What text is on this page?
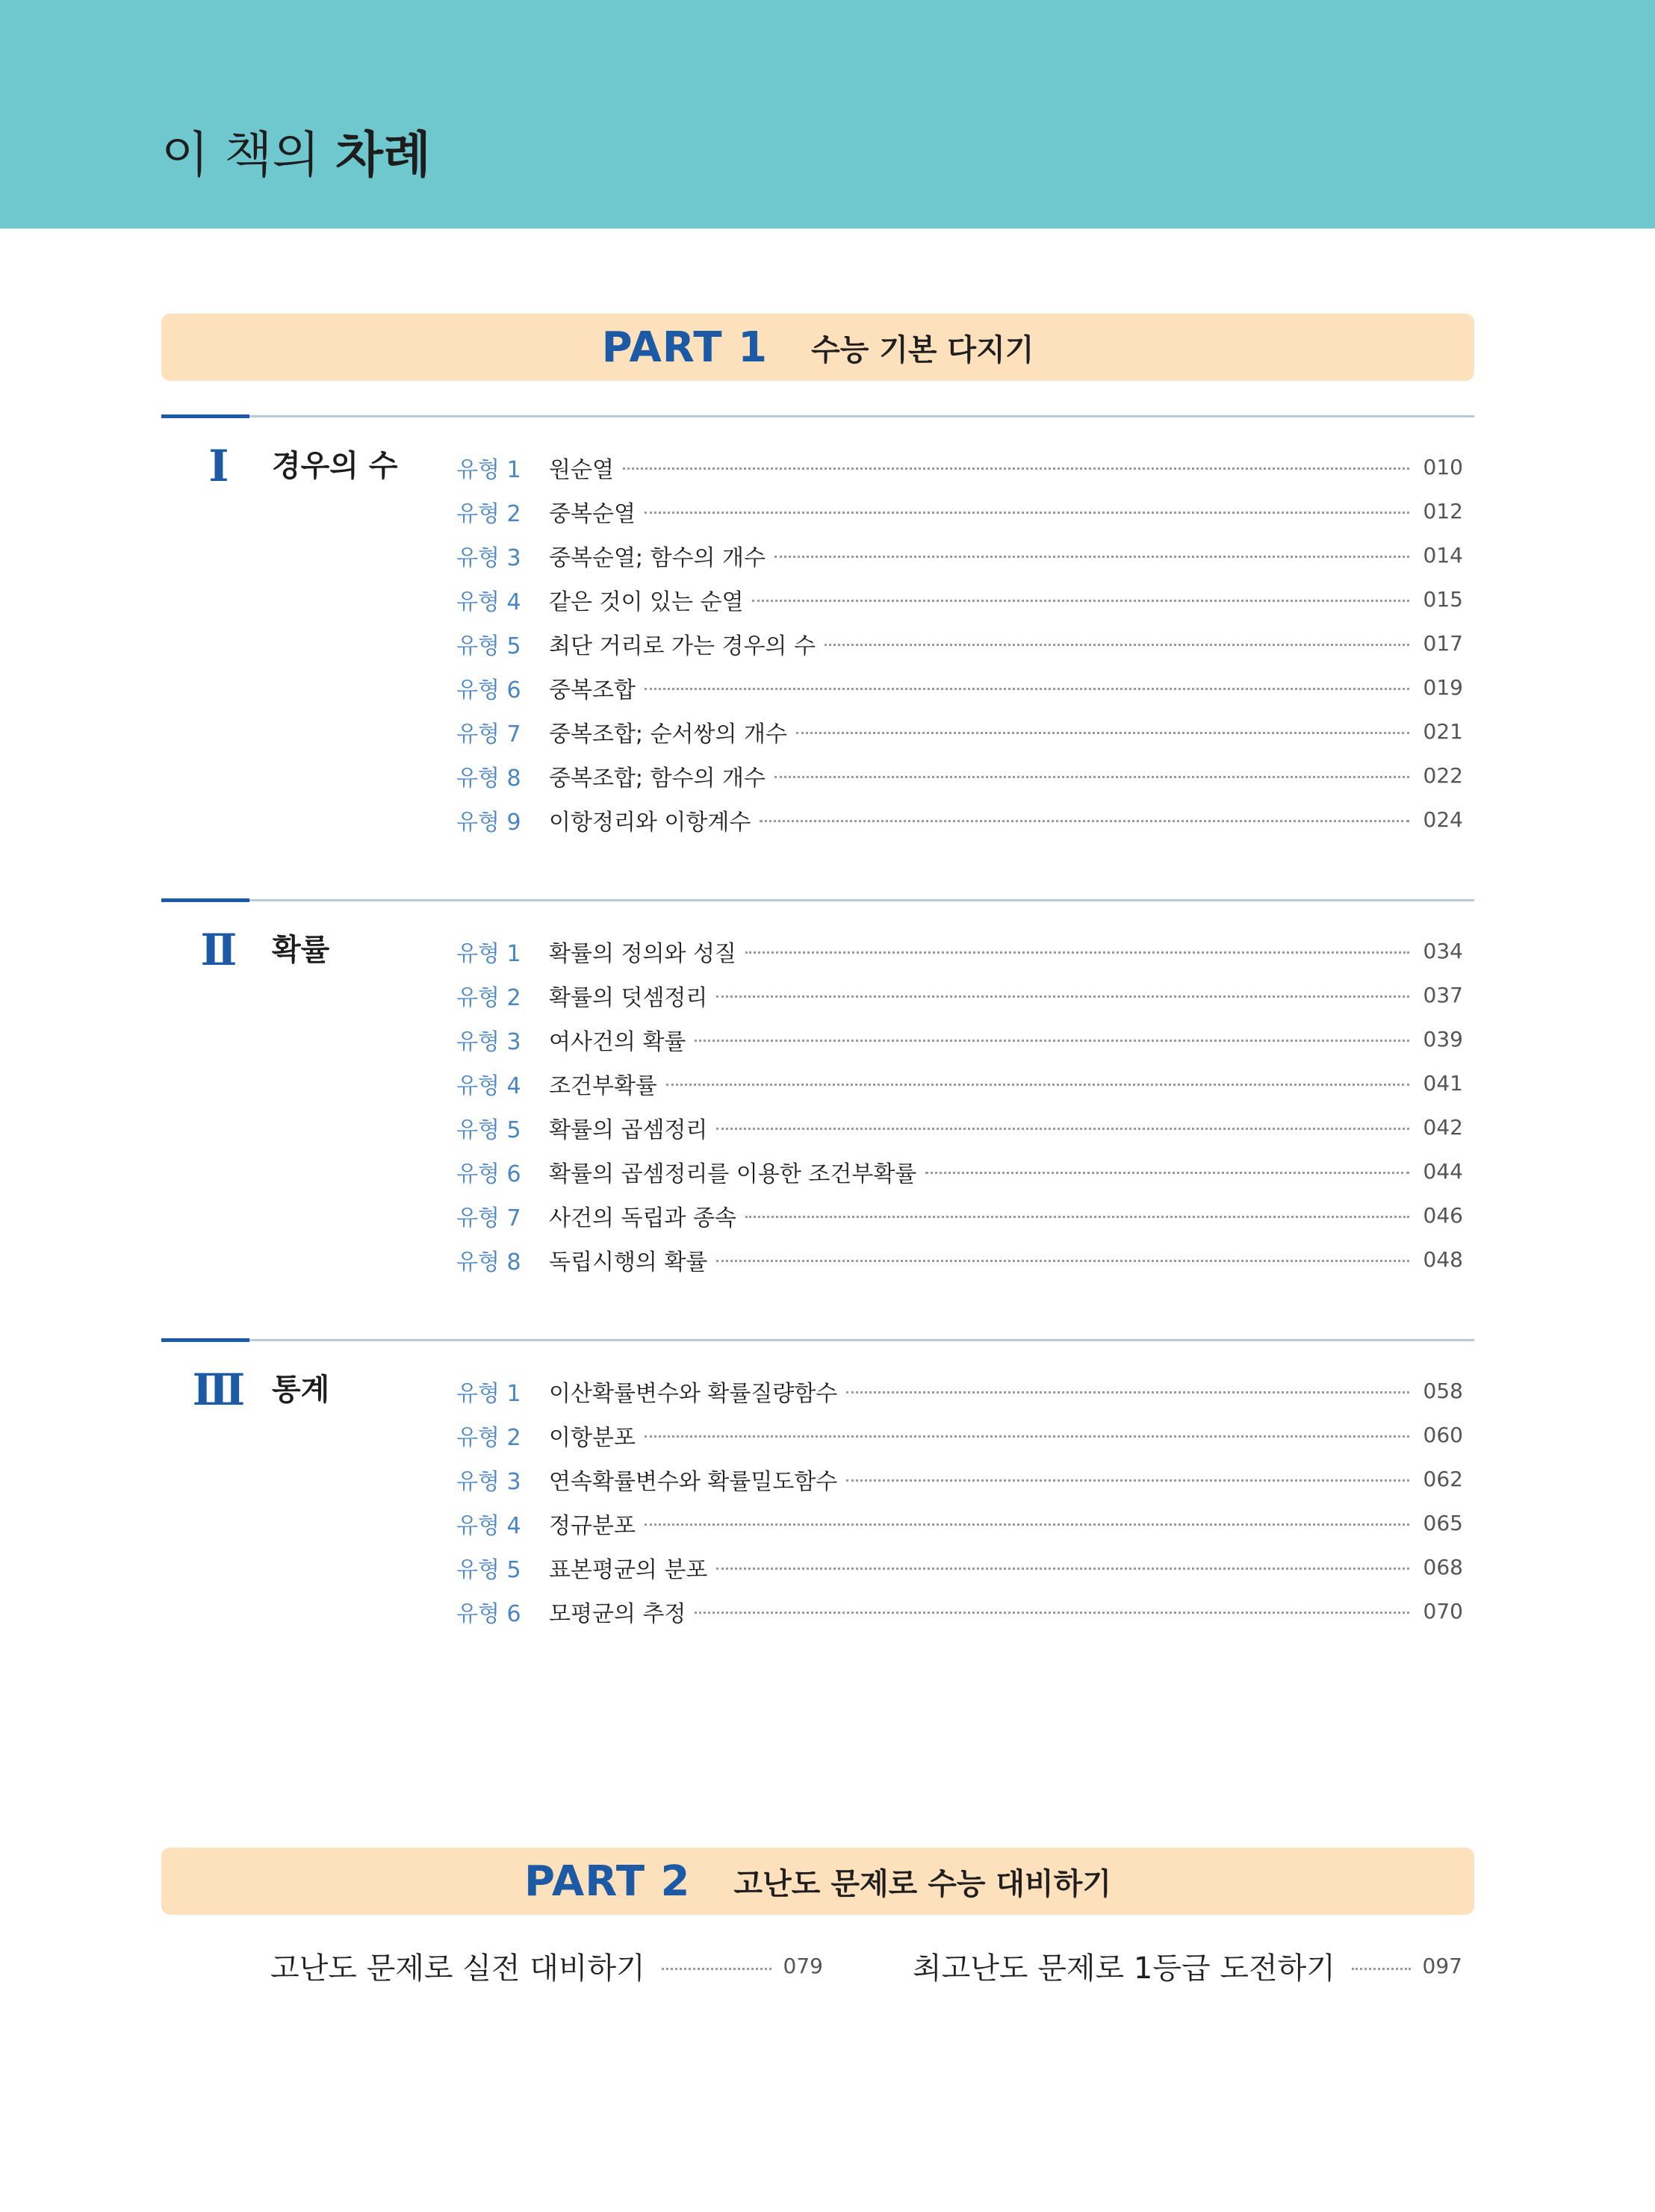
이 책의 차례
PART 1 수능 기본 다지기
Ⅰ	경우의 수	유형 1	원순열	010
유형 2	중복순열	012
유형 3	중복순열; 함수의 개수	014
유형 4	같은 것이 있는 순열	015
유형 5	최단 거리로 가는 경우의 수	017
유형 6	중복조합	019
유형 7	중복조합; 순서쌍의 개수	021
유형 8	중복조합; 함수의 개수	022
유형 9	이항정리와 이항계수	024
Ⅱ	확률	유형 1	확률의 정의와 성질	034
유형 2	확률의 덧셈정리	037
유형 3	여사건의 확률	039
유형 4	조건부확률	041
유형 5	확률의 곱셈정리	042
유형 6	확률의 곱셈정리를 이용한 조건부확률	044
유형 7	사건의 독립과 종속	046
유형 8	독립시행의 확률	048
Ⅲ 통계	유형 1	이산확률변수와 확률질량함수	058
유형 2	이항분포	060
유형 3	연속확률변수와 확률밀도함수	062
유형 4	정규분포	065
유형 5	표본평균의 분포	068
유형 6	모평균의 추정	070
PART 2 고난도 문제로 수능 대비하기
고난도 문제로 실전 대비하기	079	최고난도 문제로 1등급 도전하기	097
